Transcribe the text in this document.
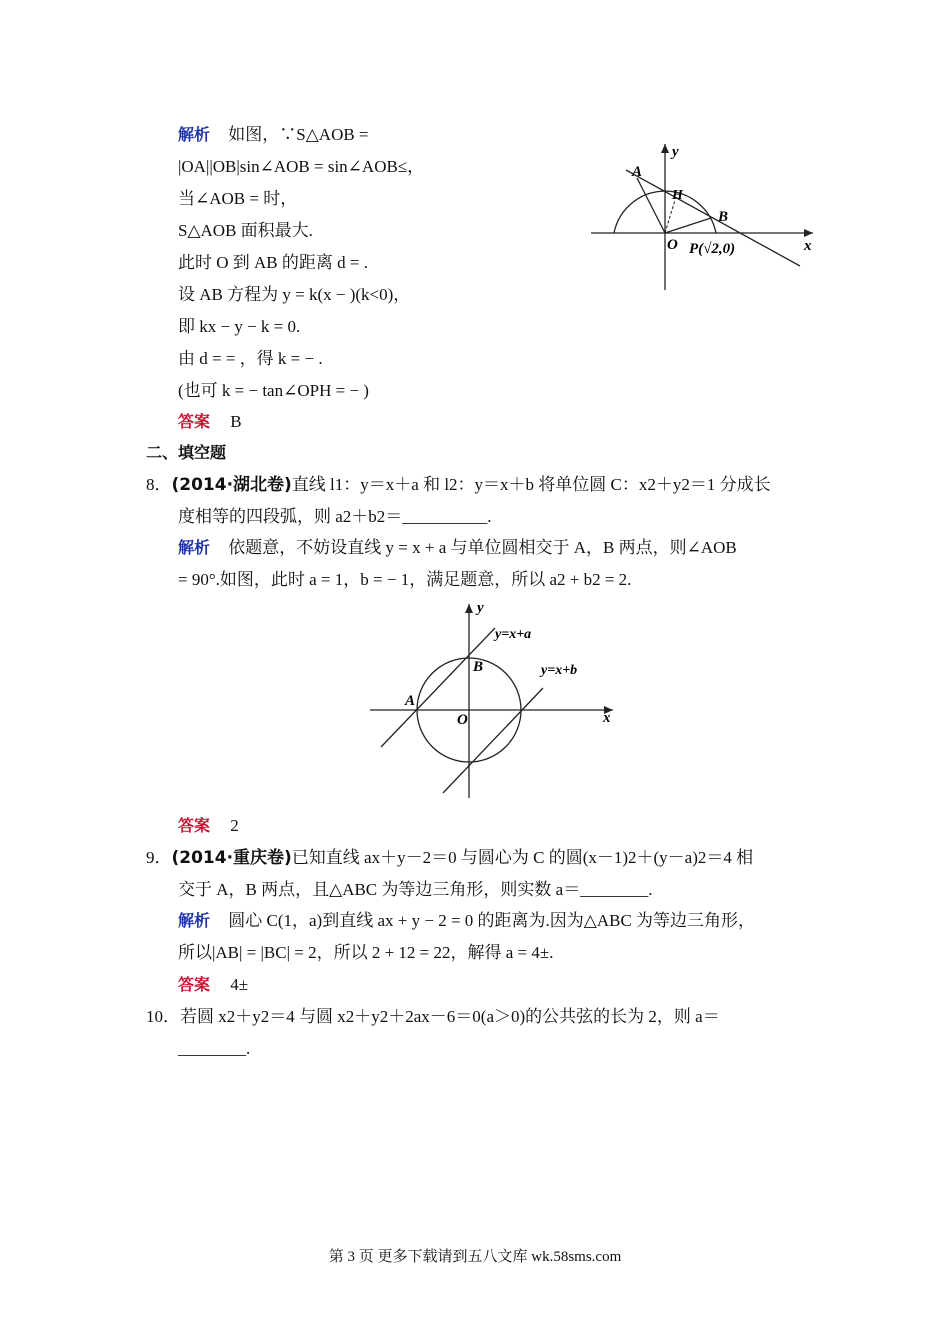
解析 如图，∵S△AOB =
|OA||OB|sin∠AOB = sin∠AOB≤，
当∠AOB = 时，
S△AOB 面积最大.
此时 O 到 AB 的距离 d = .
设 AB 方程为 y = k(x − )(k<0)，
即 kx − y − k = 0.
由 d = = ，得 k = − .
(也可 k = − tan∠OPH = − )
答案 B
A
B
H
O	x
y
P(√2,0)
二、填空题
8．(2014·湖北卷)直线 l1：y＝x＋a 和 l2：y＝x＋b 将单位圆 C：x2＋y2＝1 分成长
度相等的四段弧，则 a2＋b2＝__________.
解析 依题意，不妨设直线 y = x + a 与单位圆相交于 A，B 两点，则∠AOB
= 90°.如图，此时 a = 1，b = − 1，满足题意，所以 a2 + b2 = 2.
y=x+a
y=x+b
B
A
O	x
y
答案 2
9．(2014·重庆卷)已知直线 ax＋y－2＝0 与圆心为 C 的圆(x－1)2＋(y－a)2＝4 相
交于 A，B 两点，且△ABC 为等边三角形，则实数 a＝________.
解析 圆心 C(1，a)到直线 ax + y − 2 = 0 的距离为.因为△ABC 为等边三角形，
所以|AB| = |BC| = 2，所以 2 + 12 = 22，解得 a = 4±.
答案 4±
10．若圆 x2＋y2＝4 与圆 x2＋y2＋2ax－6＝0(a＞0)的公共弦的长为 2，则 a＝
________.
第 3 页 更多下载请到五八文库 wk.58sms.com
